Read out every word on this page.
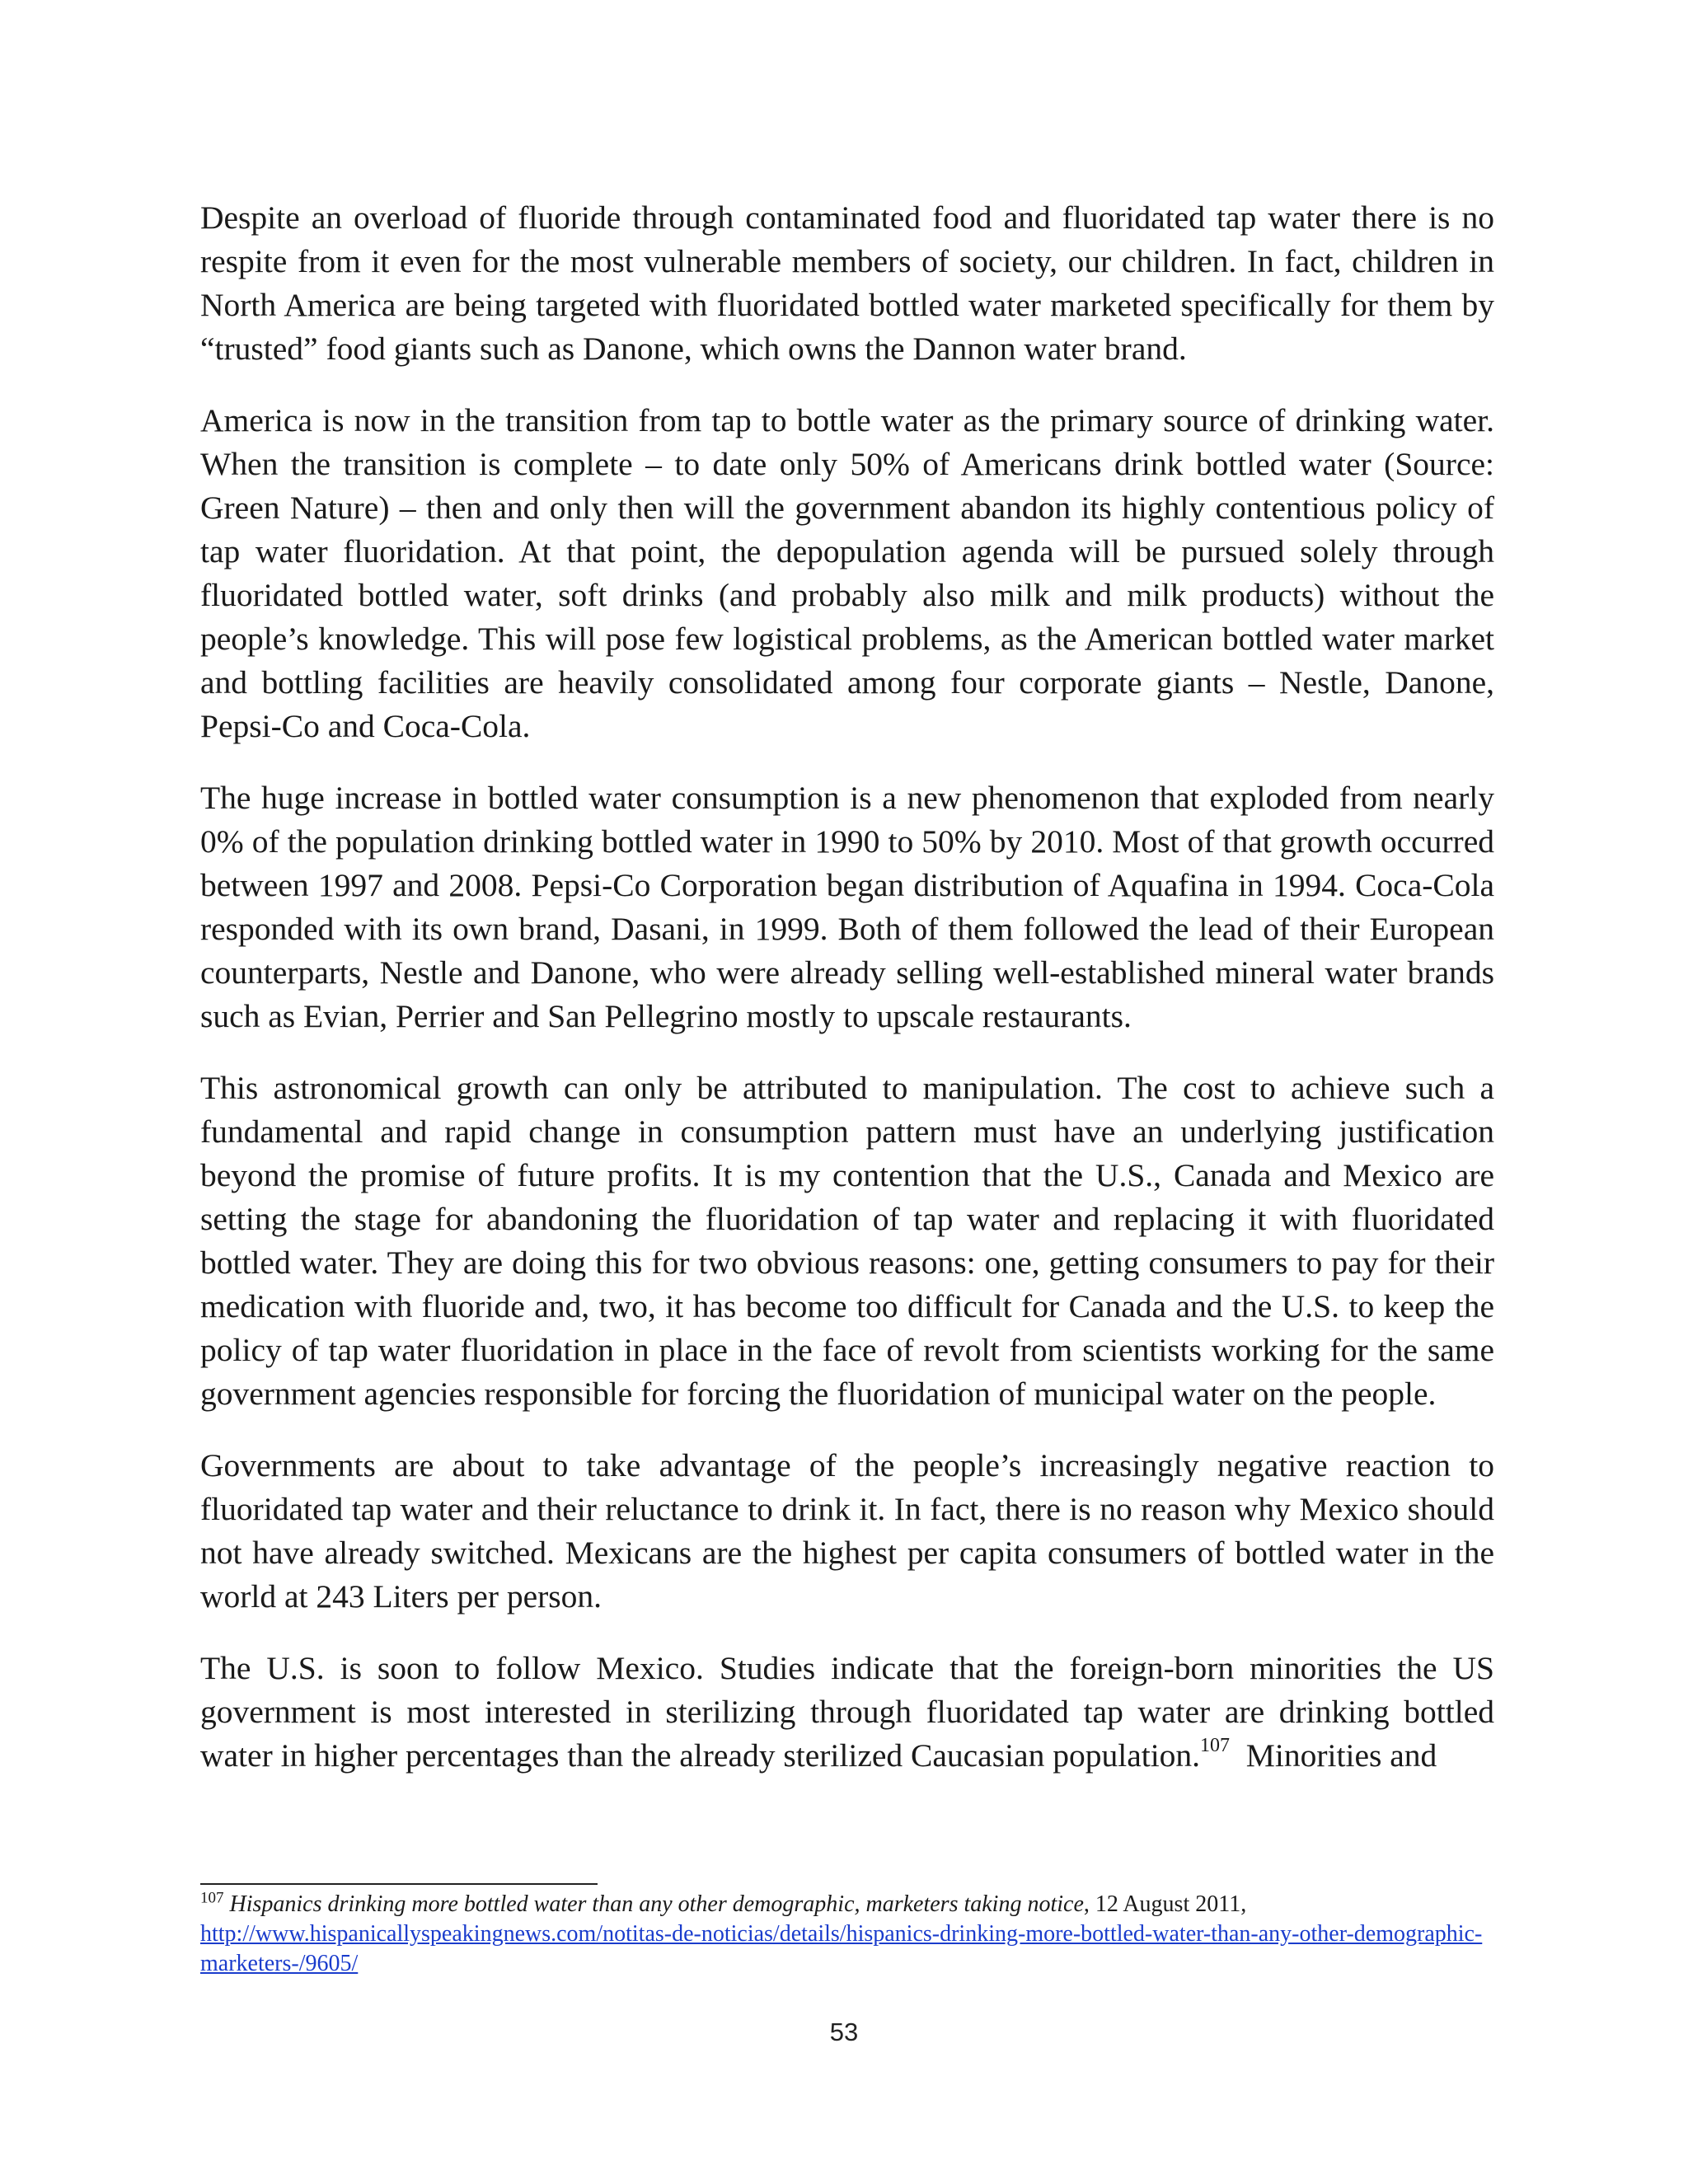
Despite an overload of fluoride through contaminated food and fluoridated tap water there is no respite from it even for the most vulnerable members of society, our children. In fact, children in North America are being targeted with fluoridated bottled water marketed specifically for them by “trusted” food giants such as Danone, which owns the Dannon water brand.

America is now in the transition from tap to bottle water as the primary source of drinking water. When the transition is complete – to date only 50% of Americans drink bottled water (Source: Green Nature) – then and only then will the government abandon its highly contentious policy of tap water fluoridation. At that point, the depopulation agenda will be pursued solely through fluoridated bottled water, soft drinks (and probably also milk and milk products) without the people’s knowledge. This will pose few logistical problems, as the American bottled water market and bottling facilities are heavily consolidated among four corporate giants – Nestle, Danone, Pepsi-Co and Coca-Cola.

The huge increase in bottled water consumption is a new phenomenon that exploded from nearly 0% of the population drinking bottled water in 1990 to 50% by 2010. Most of that growth occurred between 1997 and 2008. Pepsi-Co Corporation began distribution of Aquafina in 1994. Coca-Cola responded with its own brand, Dasani, in 1999. Both of them followed the lead of their European counterparts, Nestle and Danone, who were already selling well-established mineral water brands such as Evian, Perrier and San Pellegrino mostly to upscale restaurants.

This astronomical growth can only be attributed to manipulation. The cost to achieve such a fundamental and rapid change in consumption pattern must have an underlying justification beyond the promise of future profits. It is my contention that the U.S., Canada and Mexico are setting the stage for abandoning the fluoridation of tap water and replacing it with fluoridated bottled water. They are doing this for two obvious reasons: one, getting consumers to pay for their medication with fluoride and, two, it has become too difficult for Canada and the U.S. to keep the policy of tap water fluoridation in place in the face of revolt from scientists working for the same government agencies responsible for forcing the fluoridation of municipal water on the people.

Governments are about to take advantage of the people’s increasingly negative reaction to fluoridated tap water and their reluctance to drink it. In fact, there is no reason why Mexico should not have already switched. Mexicans are the highest per capita consumers of bottled water in the world at 243 Liters per person.

The U.S. is soon to follow Mexico. Studies indicate that the foreign-born minorities the US government is most interested in sterilizing through fluoridated tap water are drinking bottled water in higher percentages than the already sterilized Caucasian population.$^{107}$  Minorities and

$^{107}$ Hispanics drinking more bottled water than any other demographic, marketers taking notice, 12 August 2011,
http://www.hispanicallyspeakingnews.com/notitas-de-noticias/details/hispanics-drinking-more-bottled-water-than-any-other-demographic-marketers-/9605/
53
